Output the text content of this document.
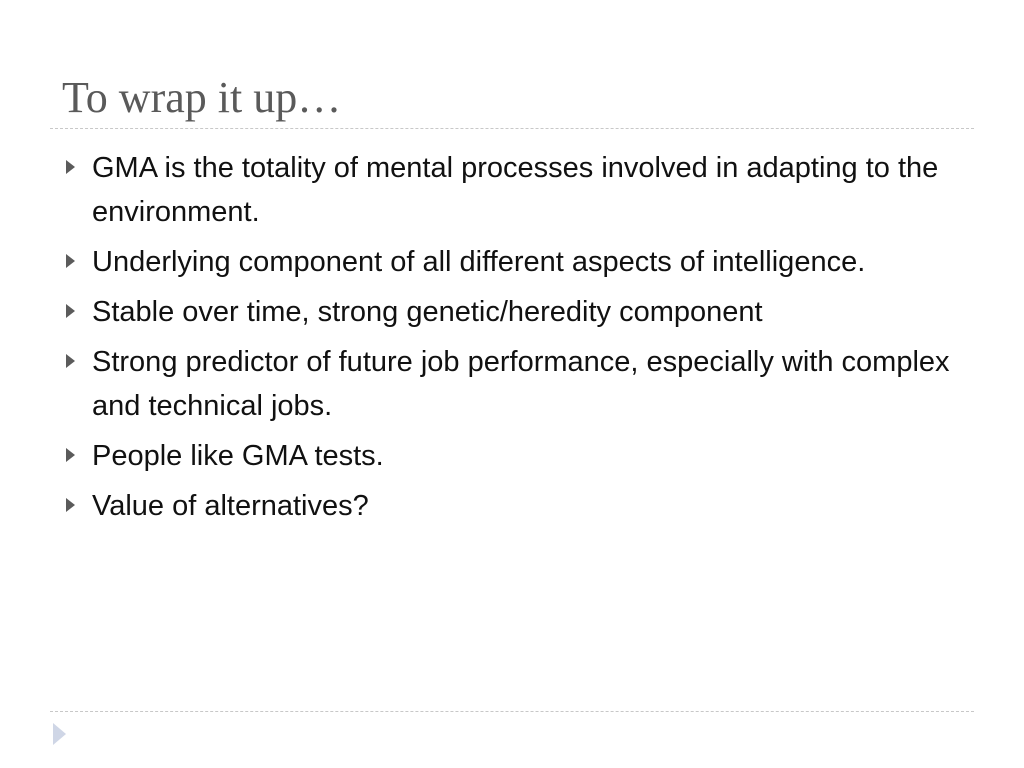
To wrap it up…
GMA is the totality of mental processes involved in adapting to the environment.
Underlying component of all different aspects of intelligence.
Stable over time, strong genetic/heredity component
Strong predictor of future job performance, especially with complex and technical jobs.
People like GMA tests.
Value of alternatives?
